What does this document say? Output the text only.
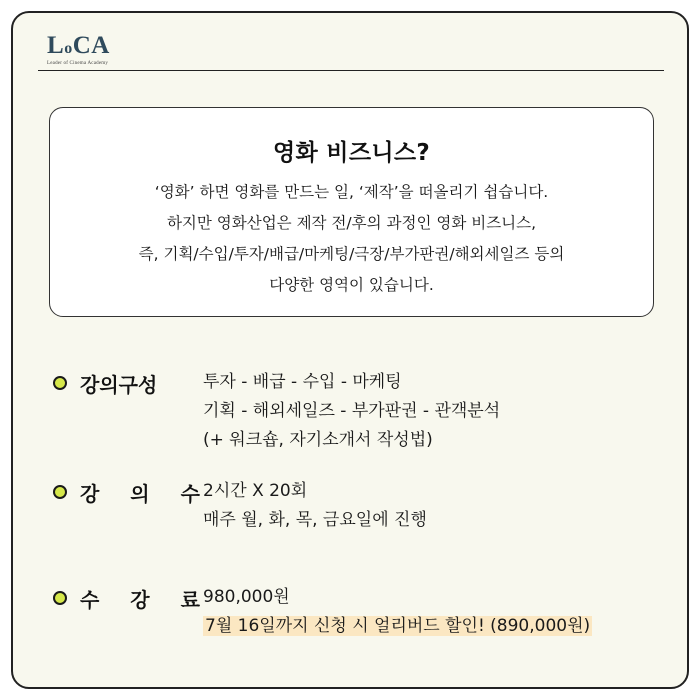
LoCA
Leader of Cinema Academy
영화 비즈니스?
‘영화’ 하면 영화를 만드는 일, ‘제작’을 떠올리기 쉽습니다.
하지만 영화산업은 제작 전/후의 과정인 영화 비즈니스,
즉, 기획/수입/투자/배급/마케팅/극장/부가판권/해외세일즈 등의
다양한 영역이 있습니다.
강의구성	투자 - 배급 - 수입 - 마케팅
기획 - 해외세일즈 - 부가판권 - 관객분석
(+ 워크숍, 자기소개서 작성법)
강 의 수
2시간 X 20회
매주 월, 화, 목, 금요일에 진행
수 강 료
980,000원
7월 16일까지 신청 시 얼리버드 할인! (890,000원)
